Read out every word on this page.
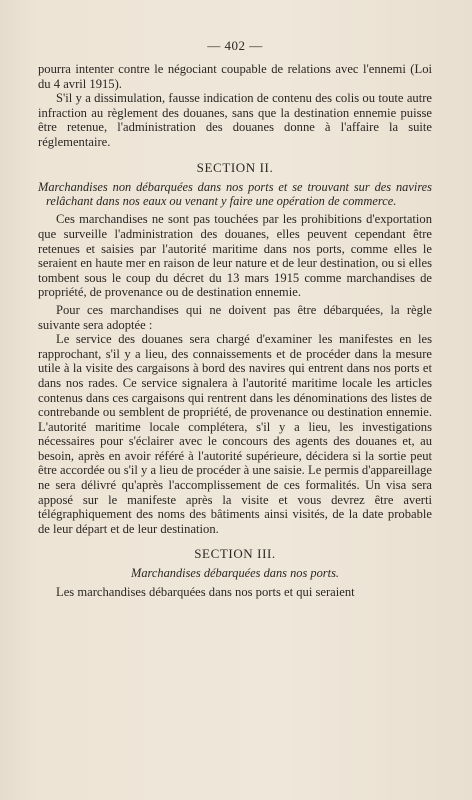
— 402 —

pourra intenter contre le négociant coupable de relations avec l'ennemi (Loi du 4 avril 1915).

S'il y a dissimulation, fausse indication de contenu des colis ou toute autre infraction au règlement des douanes, sans que la destination ennemie puisse être retenue, l'administration des douanes donne à l'affaire la suite réglementaire.

SECTION II.

Marchandises non débarquées dans nos ports et se trouvant sur des navires relâchant dans nos eaux ou venant y faire une opération de commerce.

Ces marchandises ne sont pas touchées par les prohibitions d'exportation que surveille l'administration des douanes, elles peuvent cependant être retenues et saisies par l'autorité maritime dans nos ports, comme elles le seraient en haute mer en raison de leur nature et de leur destination, ou si elles tombent sous le coup du décret du 13 mars 1915 comme marchandises de propriété, de provenance ou de destination ennemie.

Pour ces marchandises qui ne doivent pas être débarquées, la règle suivante sera adoptée :

Le service des douanes sera chargé d'examiner les manifestes en les rapprochant, s'il y a lieu, des connaissements et de procéder dans la mesure utile à la visite des cargaisons à bord des navires qui entrent dans nos ports et dans nos rades. Ce service signalera à l'autorité maritime locale les articles contenus dans ces cargaisons qui rentrent dans les dénominations des listes de contrebande ou semblent de propriété, de provenance ou destination ennemie. L'autorité maritime locale complétera, s'il y a lieu, les investigations nécessaires pour s'éclairer avec le concours des agents des douanes et, au besoin, après en avoir référé à l'autorité supérieure, décidera si la sortie peut être accordée ou s'il y a lieu de procéder à une saisie. Le permis d'appareillage ne sera délivré qu'après l'accomplissement de ces formalités. Un visa sera apposé sur le manifeste après la visite et vous devrez être averti télégraphiquement des noms des bâtiments ainsi visités, de la date probable de leur départ et de leur destination.

SECTION III.

Marchandises débarquées dans nos ports.

Les marchandises débarquées dans nos ports et qui seraient
